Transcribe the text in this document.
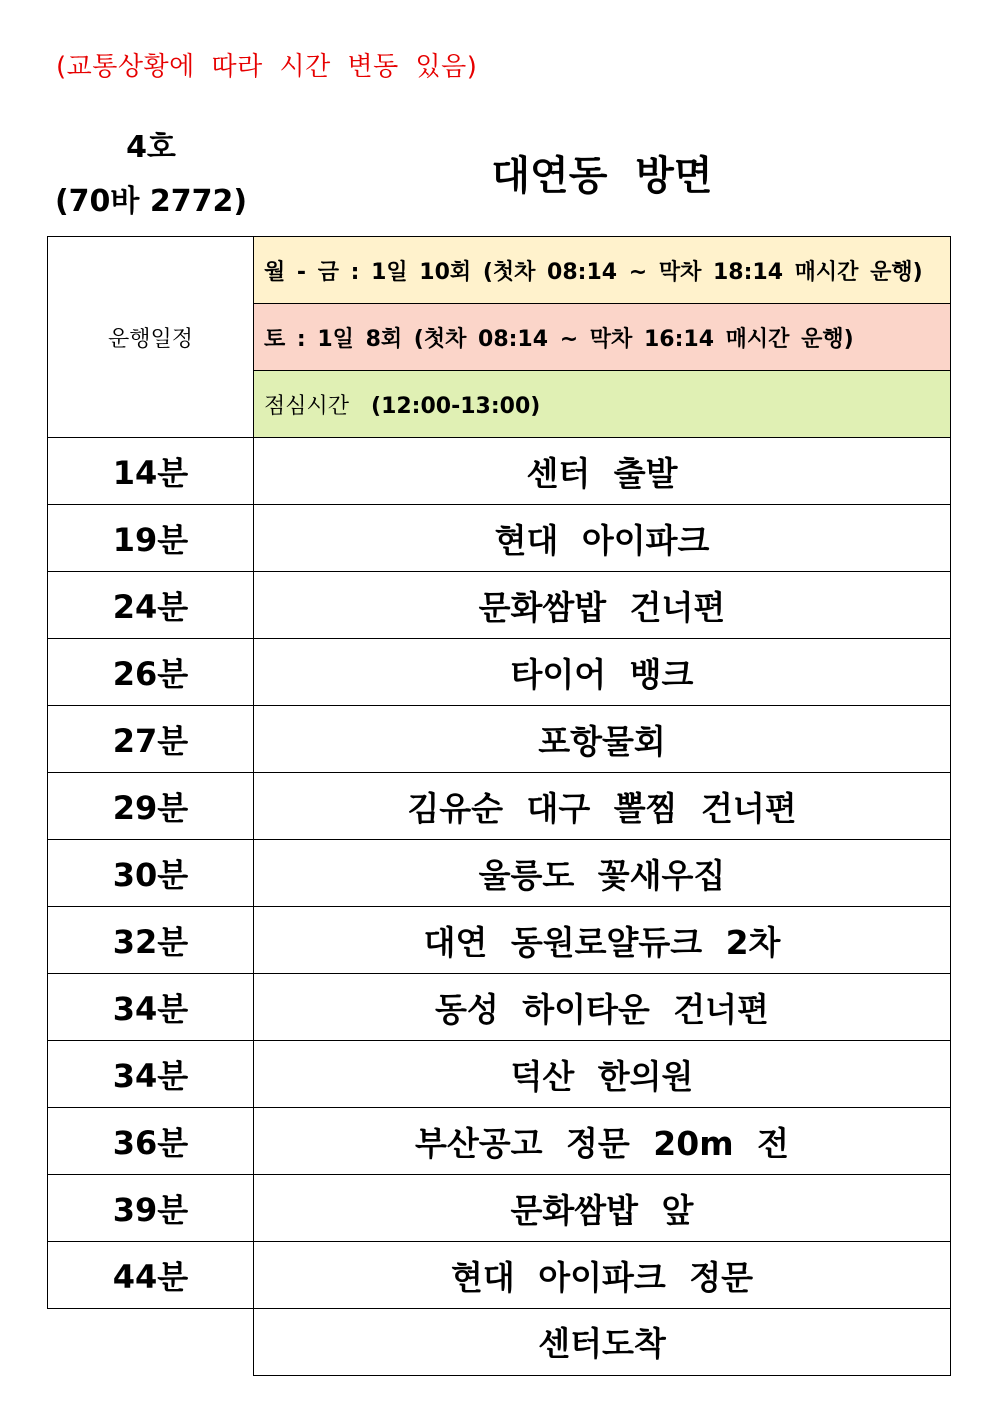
(교통상황에 따라 시간 변동 있음)
4호
(70바 2772)
대연동 방면
운행일정	월 - 금 : 1일 10회 (첫차 08:14 ~ 막차 18:14 매시간 운행)
	토 : 1일 8회 (첫차 08:14 ~ 막차 16:14 매시간 운행)
	점심시간 (12:00-13:00)
14분	센터 출발
19분	현대 아이파크
24분	문화쌈밥 건너편
26분	타이어 뱅크
27분	포항물회
29분	김유순 대구 뽈찜 건너편
30분	울릉도 꽃새우집
32분	대연 동원로얄듀크 2차
34분	동성 하이타운 건너편
34분	덕산 한의원
36분	부산공고 정문 20m 전
39분	문화쌈밥 앞
44분	현대 아이파크 정문
	센터도착
